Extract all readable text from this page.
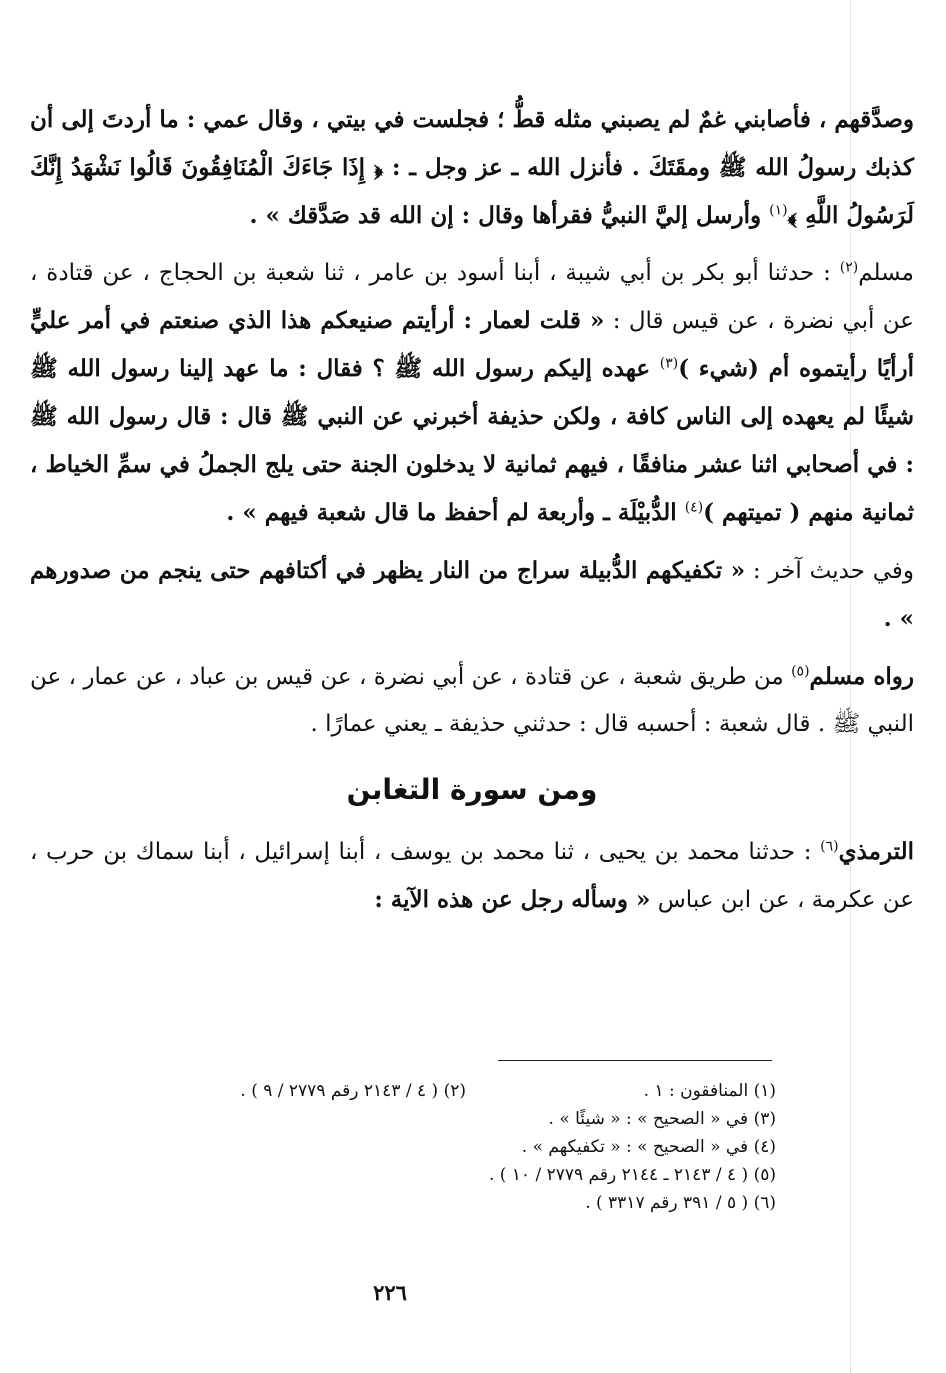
وصدَّقهم ، فأصابني غمٌ لم يصبني مثله قطُّ ؛ فجلست في بيتي ، وقال عمي : ما أردتَ إلى أن كذبك رسولُ الله ﷺ ومقَتَكَ . فأنزل الله ـ عز وجل ـ : ﴿ إِذَا جَاءَكَ الْمُنَافِقُونَ قَالُوا نَشْهَدُ إِنَّكَ لَرَسُولُ اللَّهِ ﴾$^{(١)}$ وأرسل إليَّ النبيُّ فقرأها وقال : إن الله قد صَدَّقك » .

مسلم$^{(٢)}$ : حدثنا أبو بكر بن أبي شيبة ، أبنا أسود بن عامر ، ثنا شعبة بن الحجاج ، عن قتادة ، عن أبي نضرة ، عن قيس قال : « قلت لعمار : أرأيتم صنيعكم هذا الذي صنعتم في أمر عليٍّ أرأيًا رأيتموه أم (شيء )$^{(٣)}$ عهده إليكم رسول الله ﷺ ؟ فقال : ما عهد إلينا رسول الله ﷺ شيئًا لم يعهده إلى الناس كافة ، ولكن حذيفة أخبرني عن النبي ﷺ قال : قال رسول الله ﷺ : في أصحابي اثنا عشر منافقًا ، فيهم ثمانية لا يدخلون الجنة حتى يلج الجملُ في سمِّ الخياط ، ثمانية منهم ( تميتهم )$^{(٤)}$ الدُّبيْلَة ـ وأربعة لم أحفظ ما قال شعبة فيهم » .

وفي حديث آخر : « تكفيكهم الدُّبيلة سراج من النار يظهر في أكتافهم حتى ينجم من صدورهم » .

رواه مسلم$^{(٥)}$ من طريق شعبة ، عن قتادة ، عن أبي نضرة ، عن قيس بن عباد ، عن عمار ، عن النبي ﷺ . قال شعبة : أحسبه قال : حدثني حذيفة ـ يعني عمارًا .

ومن سورة التغابن

الترمذي$^{(٦)}$ : حدثنا محمد بن يحيى ، ثنا محمد بن يوسف ، أبنا إسرائيل ، أبنا سماك بن حرب ، عن عكرمة ، عن ابن عباس « وسأله رجل عن هذه الآية :

(١) المنافقون : ١ .
(٢) ( ٤ / ٢١٤٣ رقم ٢٧٧٩ / ٩ ) .
(٣) في « الصحيح » : « شيئًا » .
(٤) في « الصحيح » : « تكفيكهم » .
(٥) ( ٤ / ٢١٤٣ ـ ٢١٤٤ رقم ٢٧٧٩ / ١٠ ) .
(٦) ( ٥ / ٣٩١ رقم ٣٣١٧ ) .
٢٢٦
